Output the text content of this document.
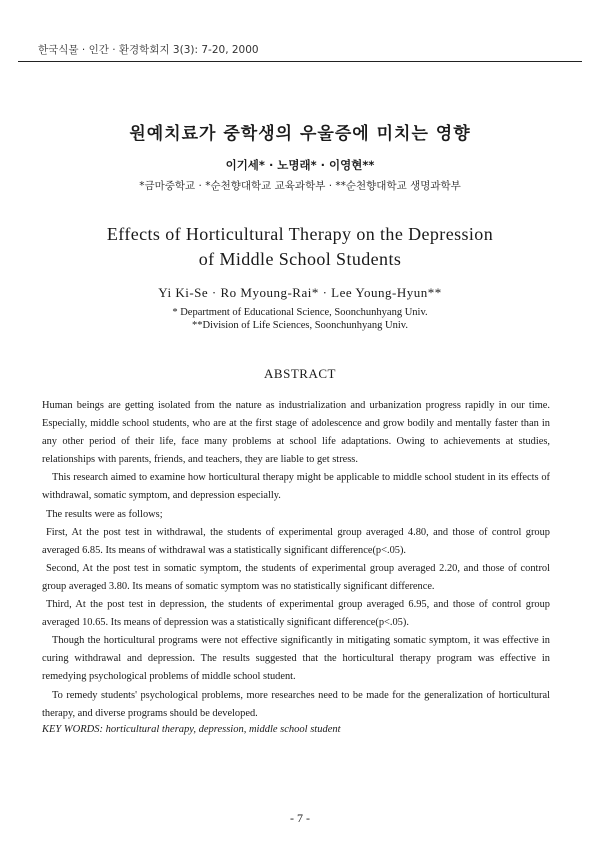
한국식물 · 인간 · 환경학회지 3(3): 7-20, 2000
원예치료가 중학생의 우울증에 미치는 영향
이기세* · 노명래* · 이영현**
*금마중학교 · *순천향대학교 교육과학부 · **순천향대학교 생명과학부
Effects of Horticultural Therapy on the Depression
of Middle School Students
Yi Ki-Se · Ro Myoung-Rai* · Lee Young-Hyun**
* Department of Educational Science, Soonchunhyang Univ.
**Division of Life Sciences, Soonchunhyang Univ.
ABSTRACT

Human beings are getting isolated from the nature as industrialization and urbanization progress rapidly in our time. Especially, middle school students, who are at the first stage of adolescence and grow bodily and mentally faster than in any other period of their life, face many problems at school life adaptations. Owing to achievements at studies, relationships with parents, friends, and teachers, they are liable to get stress.

This research aimed to examine how horticultural therapy might be applicable to middle school student in its effects of withdrawal, somatic symptom, and depression especially.

The results were as follows;

First, At the post test in withdrawal, the students of experimental group averaged 4.80, and those of control group averaged 6.85. Its means of withdrawal was a statistically significant difference(p<.05).

Second, At the post test in somatic symptom, the students of experimental group averaged 2.20, and those of control group averaged 3.80. Its means of somatic symptom was no statistically significant difference.

Third, At the post test in depression, the students of experimental group averaged 6.95, and those of control group averaged 10.65. Its means of depression was a statistically significant difference(p<.05).

Though the horticultural programs were not effective significantly in mitigating somatic symptom, it was effective in curing withdrawal and depression. The results suggested that the horticultural therapy program was effective in remedying psychological problems of middle school student.

To remedy students' psychological problems, more researches need to be made for the generalization of horticultural therapy, and diverse programs should be developed.

KEY WORDS: horticultural therapy, depression, middle school student
- 7 -
